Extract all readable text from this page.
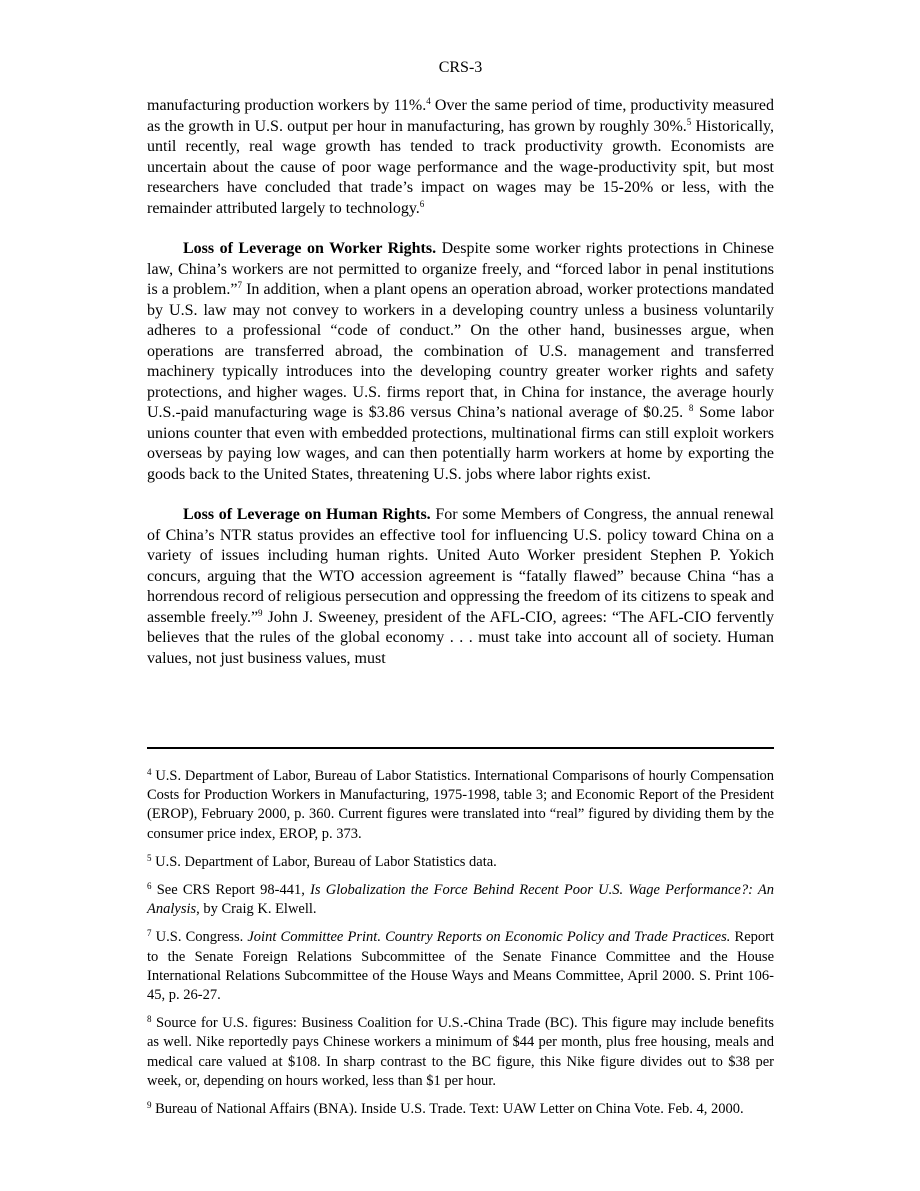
CRS-3

manufacturing production workers by 11%.$^4$ Over the same period of time, productivity measured as the growth in U.S. output per hour in manufacturing, has grown by roughly 30%.$^5$ Historically, until recently, real wage growth has tended to track productivity growth. Economists are uncertain about the cause of poor wage performance and the wage-productivity spit, but most researchers have concluded that trade’s impact on wages may be 15-20% or less, with the remainder attributed largely to technology.$^6$

Loss of Leverage on Worker Rights. Despite some worker rights protections in Chinese law, China’s workers are not permitted to organize freely, and “forced labor in penal institutions is a problem.”$^7$ In addition, when a plant opens an operation abroad, worker protections mandated by U.S. law may not convey to workers in a developing country unless a business voluntarily adheres to a professional “code of conduct.” On the other hand, businesses argue, when operations are transferred abroad, the combination of U.S. management and transferred machinery typically introduces into the developing country greater worker rights and safety protections, and higher wages. U.S. firms report that, in China for instance, the average hourly U.S.-paid manufacturing wage is $3.86 versus China’s national average of $0.25. $^8$ Some labor unions counter that even with embedded protections, multinational firms can still exploit workers overseas by paying low wages, and can then potentially harm workers at home by exporting the goods back to the United States, threatening U.S. jobs where labor rights exist.

Loss of Leverage on Human Rights. For some Members of Congress, the annual renewal of China’s NTR status provides an effective tool for influencing U.S. policy toward China on a variety of issues including human rights. United Auto Worker president Stephen P. Yokich concurs, arguing that the WTO accession agreement is “fatally flawed” because China “has a horrendous record of religious persecution and oppressing the freedom of its citizens to speak and assemble freely.”$^9$ John J. Sweeney, president of the AFL-CIO, agrees: “The AFL-CIO fervently believes that the rules of the global economy . . . must take into account all of society. Human values, not just business values, must

$^4$ U.S. Department of Labor, Bureau of Labor Statistics. International Comparisons of hourly Compensation Costs for Production Workers in Manufacturing, 1975-1998, table 3; and Economic Report of the President (EROP), February 2000, p. 360. Current figures were translated into “real” figured by dividing them by the consumer price index, EROP, p. 373.

$^5$ U.S. Department of Labor, Bureau of Labor Statistics data.

$^6$ See CRS Report 98-441, Is Globalization the Force Behind Recent Poor U.S. Wage Performance?: An Analysis, by Craig K. Elwell.

$^7$ U.S. Congress. Joint Committee Print. Country Reports on Economic Policy and Trade Practices. Report to the Senate Foreign Relations Subcommittee of the Senate Finance Committee and the House International Relations Subcommittee of the House Ways and Means Committee, April 2000. S. Print 106-45, p. 26-27.

$^8$ Source for U.S. figures: Business Coalition for U.S.-China Trade (BC). This figure may include benefits as well. Nike reportedly pays Chinese workers a minimum of $44 per month, plus free housing, meals and medical care valued at $108. In sharp contrast to the BC figure, this Nike figure divides out to $38 per week, or, depending on hours worked, less than $1 per hour.

$^9$ Bureau of National Affairs (BNA). Inside U.S. Trade. Text: UAW Letter on China Vote. Feb. 4, 2000.
